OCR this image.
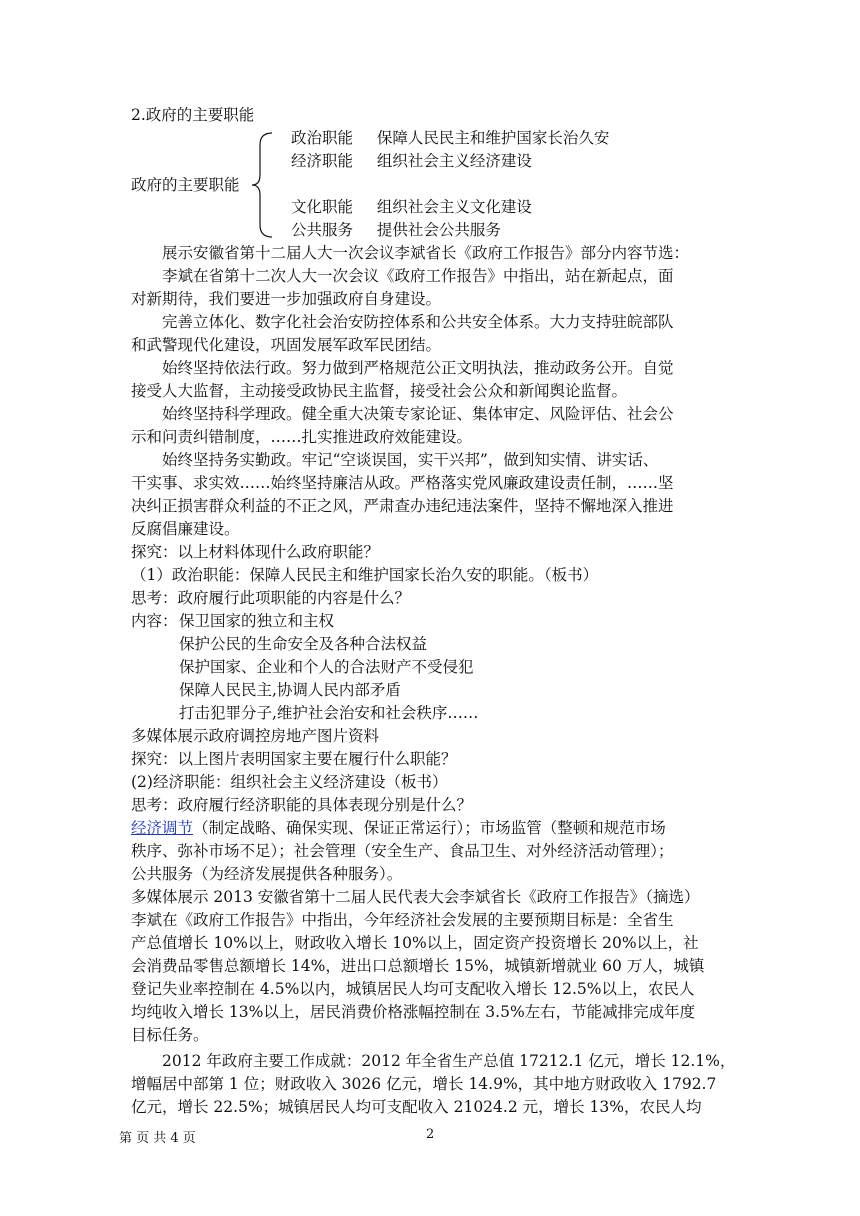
2.政府的主要职能
政治职能 保障人民民主和维护国家长治久安
经济职能 组织社会主义经济建设
政府的主要职能
文化职能 组织社会主义文化建设
公共服务 提供社会公共服务
展示安徽省第十二届人大一次会议李斌省长《政府工作报告》部分内容节选：
李斌在省第十二次人大一次会议《政府工作报告》中指出，站在新起点，面
对新期待，我们要进一步加强政府自身建设。
完善立体化、数字化社会治安防控体系和公共安全体系。大力支持驻皖部队
和武警现代化建设，巩固发展军政军民团结。
始终坚持依法行政。努力做到严格规范公正文明执法，推动政务公开。自觉
接受人大监督，主动接受政协民主监督，接受社会公众和新闻舆论监督。
始终坚持科学理政。健全重大决策专家论证、集体审定、风险评估、社会公
示和问责纠错制度，……扎实推进政府效能建设。
始终坚持务实勤政。牢记“空谈误国，实干兴邦”，做到知实情、讲实话、
干实事、求实效……始终坚持廉洁从政。严格落实党风廉政建设责任制，……坚
决纠正损害群众利益的不正之风，严肃查办违纪违法案件，坚持不懈地深入推进
反腐倡廉建设。
探究：以上材料体现什么政府职能？
（1）政治职能：保障人民民主和维护国家长治久安的职能。（板书）
思考：政府履行此项职能的内容是什么？
内容： 保卫国家的独立和主权
保护公民的生命安全及各种合法权益
保护国家、企业和个人的合法财产不受侵犯
保障人民民主,协调人民内部矛盾
打击犯罪分子,维护社会治安和社会秩序……
多媒体展示政府调控房地产图片资料
探究：以上图片表明国家主要在履行什么职能？
(2)经济职能：组织社会主义经济建设（板书）
思考：政府履行经济职能的具体表现分别是什么？
经济调节（制定战略、确保实现、保证正常运行）；市场监管（整顿和规范市场
秩序、弥补市场不足）；社会管理（安全生产、食品卫生、对外经济活动管理）；
公共服务（为经济发展提供各种服务）。
多媒体展示 2013 安徽省第十二届人民代表大会李斌省长《政府工作报告》（摘选）
李斌在《政府工作报告》中指出，今年经济社会发展的主要预期目标是：全省生
产总值增长 10%以上，财政收入增长 10%以上，固定资产投资增长 20%以上，社
会消费品零售总额增长 14%，进出口总额增长 15%，城镇新增就业 60 万人，城镇
登记失业率控制在 4.5%以内，城镇居民人均可支配收入增长 12.5%以上，农民人
均纯收入增长 13%以上，居民消费价格涨幅控制在 3.5%左右，节能减排完成年度
目标任务。
2012 年政府主要工作成就：2012 年全省生产总值 17212.1 亿元，增长 12.1%，
增幅居中部第 1 位；财政收入 3026 亿元，增长 14.9%，其中地方财政收入 1792.7
亿元，增长 22.5%；城镇居民人均可支配收入 21024.2 元，增长 13%，农民人均
第 页 共 4 页	2
